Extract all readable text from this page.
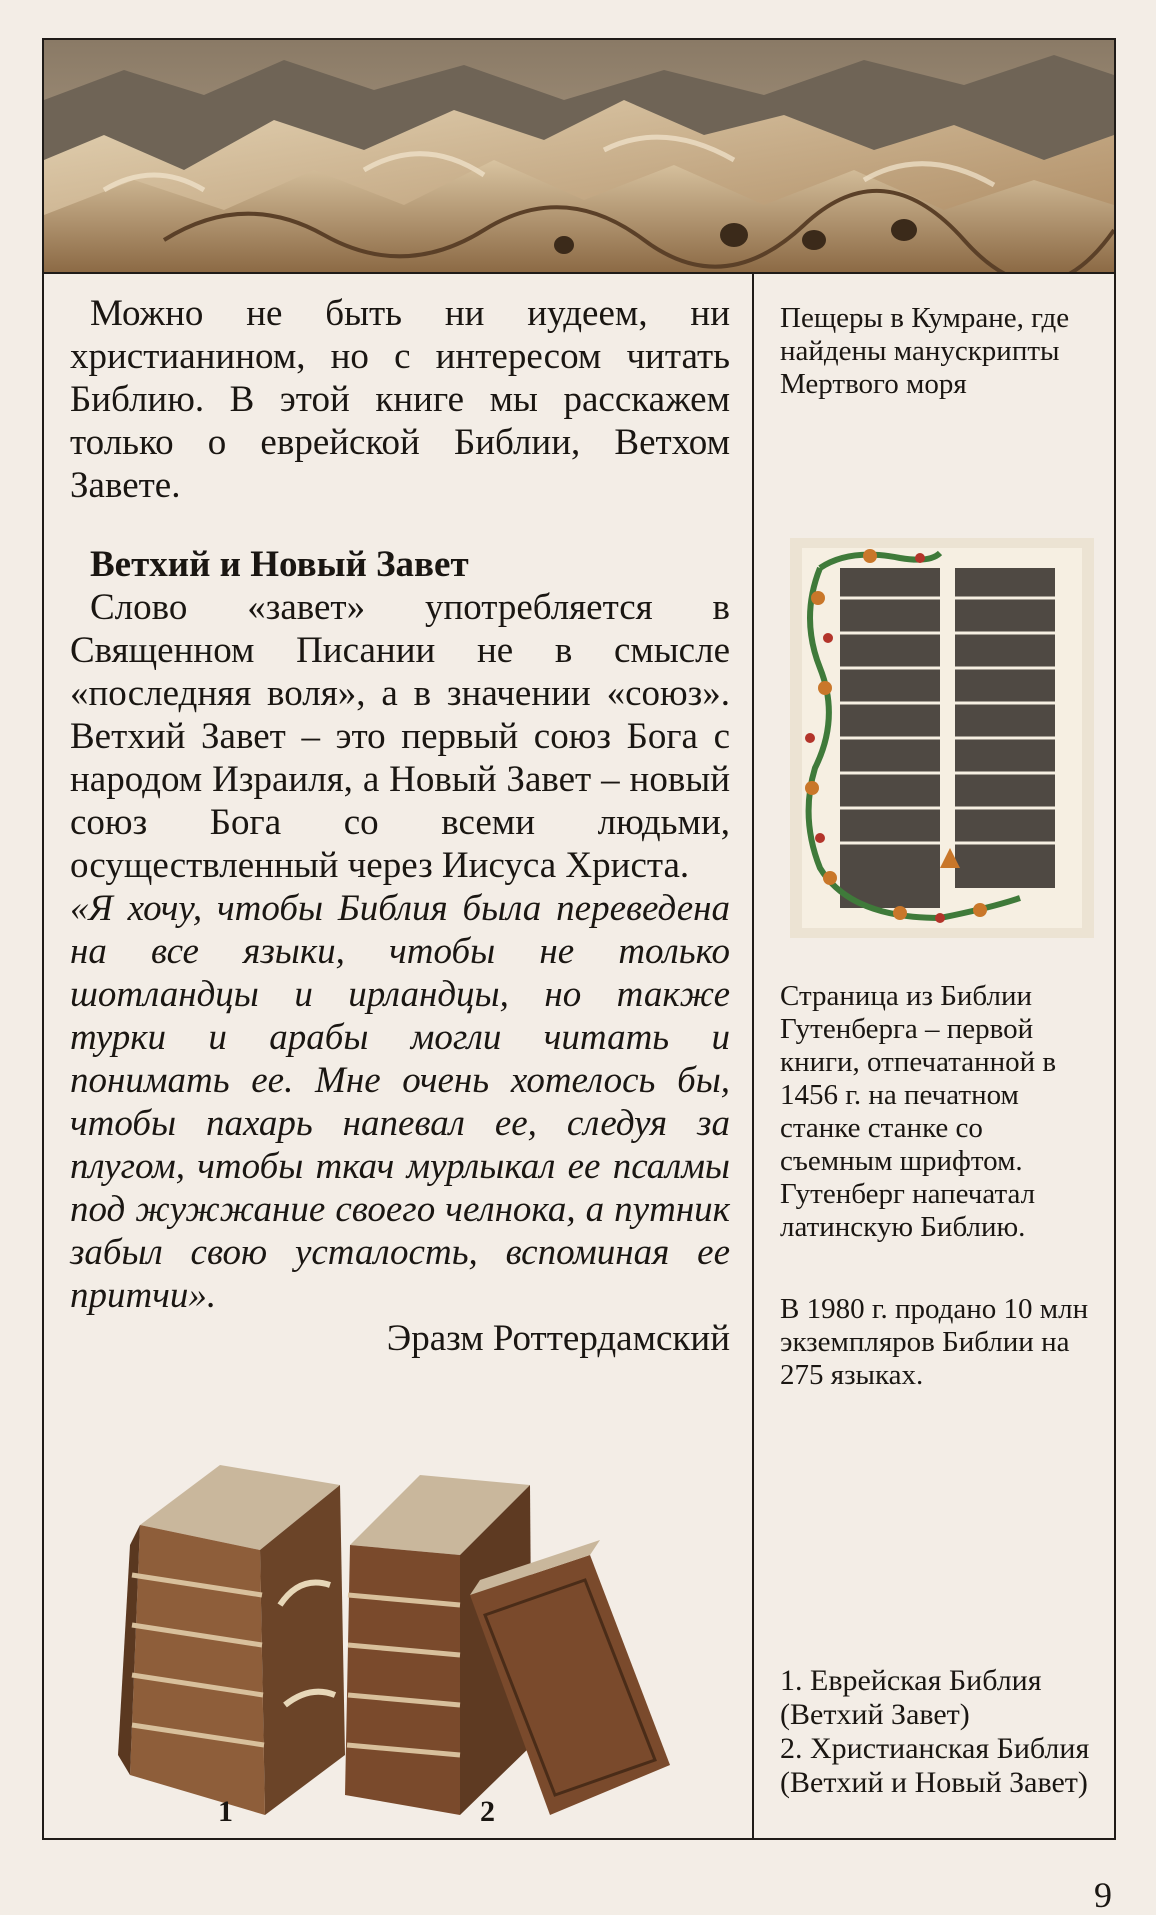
Можно не быть ни иудеем, ни христианином, но с интересом читать Библию. В этой книге мы расскажем только о еврейской Библии, Ветхом Завете.

Ветхий и Новый Завет

Слово «завет» употребляется в Священном Писании не в смысле «последняя воля», а в значении «союз». Ветхий Завет – это первый союз Бога с народом Израиля, а Новый Завет – новый союз Бога со всеми людьми, осуществленный через Иисуса Христа.

«Я хочу, чтобы Библия была переведена на все языки, чтобы не только шотландцы и ирландцы, но также турки и арабы могли читать и понимать ее. Мне очень хотелось бы, чтобы пахарь напевал ее, следуя за плугом, чтобы ткач мурлыкал ее псалмы под жужжание своего челнока, а путник забыл свою усталость, вспоминая ее притчи».

Эразм Роттердамский

Пещеры в Кумране, где найдены манускрипты Мертвого моря

Страница из Библии Гутенберга – первой книги, отпечатанной в 1456 г. на печатном станке станке со съемным шрифтом. Гутенберг напечатал латинскую Библию.

В 1980 г. продано 10 млн экземпляров Библии на 275 языках.

1. Еврейская Библия (Ветхий Завет)

2. Христианская Библия (Ветхий и Новый Завет)

1	2
9
